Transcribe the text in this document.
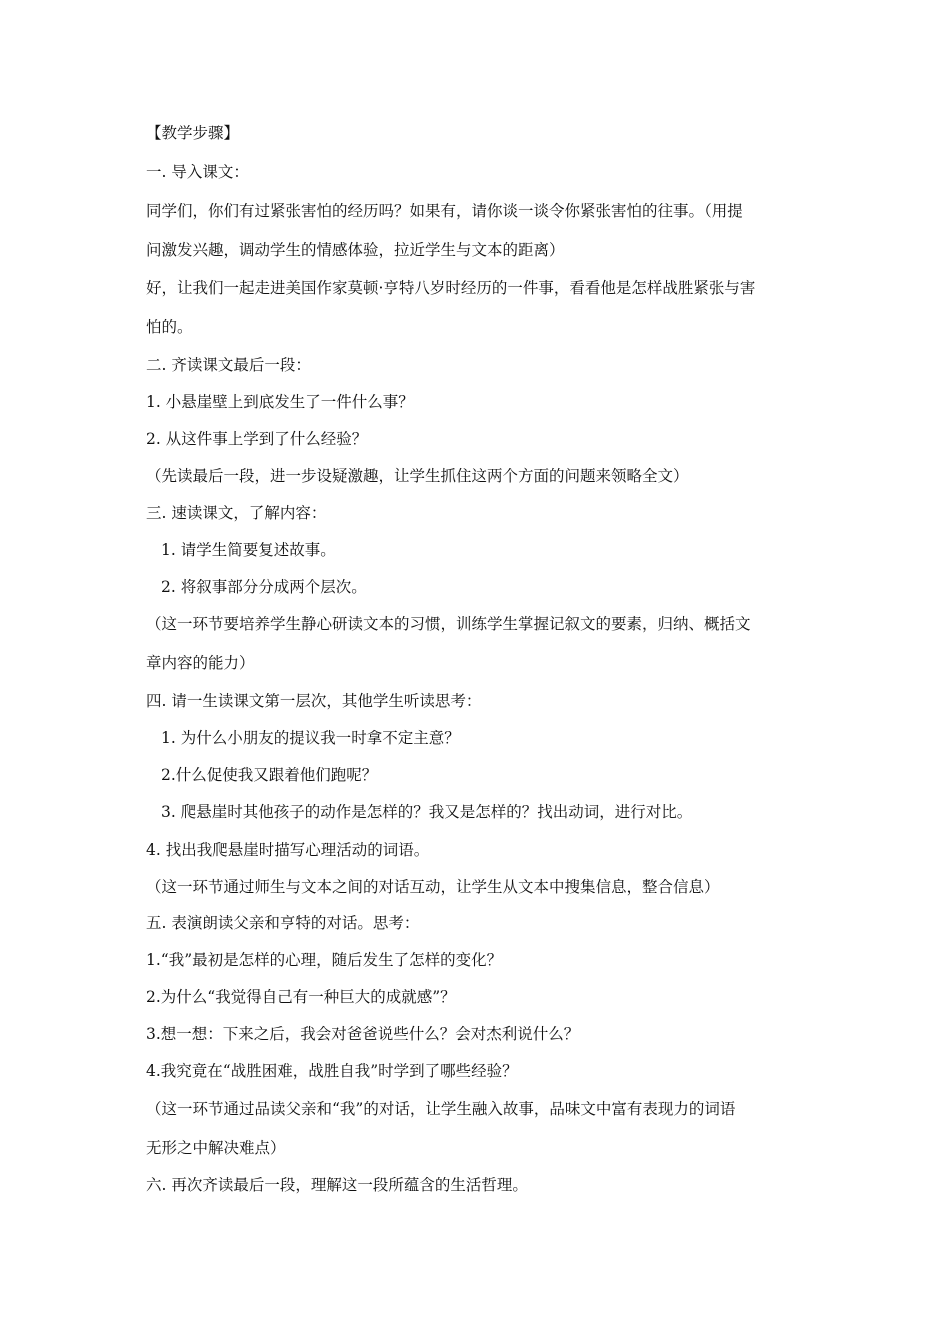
【教学步骤】
一. 导入课文：
同学们，你们有过紧张害怕的经历吗？如果有，请你谈一谈令你紧张害怕的往事。（用提
问激发兴趣，调动学生的情感体验，拉近学生与文本的距离）
好，让我们一起走进美国作家莫顿·亨特八岁时经历的一件事，看看他是怎样战胜紧张与害
怕的。
二. 齐读课文最后一段：
1. 小悬崖壁上到底发生了一件什么事？
2. 从这件事上学到了什么经验？
（先读最后一段，进一步设疑激趣，让学生抓住这两个方面的问题来领略全文）
三. 速读课文，了解内容：
1. 请学生简要复述故事。
2. 将叙事部分分成两个层次。
（这一环节要培养学生静心研读文本的习惯，训练学生掌握记叙文的要素，归纳、概括文
章内容的能力）
四. 请一生读课文第一层次，其他学生听读思考：
1. 为什么小朋友的提议我一时拿不定主意？
2.什么促使我又跟着他们跑呢？
3. 爬悬崖时其他孩子的动作是怎样的？我又是怎样的？找出动词，进行对比。
4. 找出我爬悬崖时描写心理活动的词语。
（这一环节通过师生与文本之间的对话互动，让学生从文本中搜集信息，整合信息）
五. 表演朗读父亲和亨特的对话。思考：
1.“我”最初是怎样的心理，随后发生了怎样的变化？
2.为什么“我觉得自己有一种巨大的成就感”？
3.想一想：下来之后，我会对爸爸说些什么？会对杰利说什么？
4.我究竟在“战胜困难，战胜自我”时学到了哪些经验？
（这一环节通过品读父亲和“我”的对话，让学生融入故事，品味文中富有表现力的词语
无形之中解决难点）
六. 再次齐读最后一段，理解这一段所蕴含的生活哲理。
